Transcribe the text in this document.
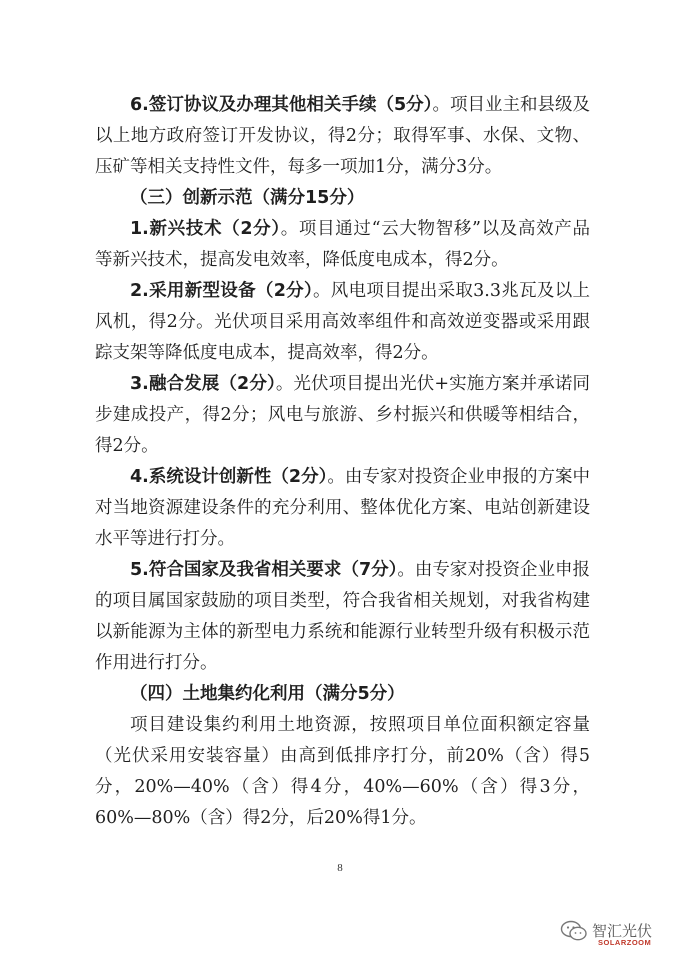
6.签订协议及办理其他相关手续（5分）。项目业主和县级及以上地方政府签订开发协议，得2分；取得军事、水保、文物、压矿等相关支持性文件，每多一项加1分，满分3分。

（三）创新示范（满分15分）

1.新兴技术（2分）。项目通过“云大物智移”以及高效产品等新兴技术，提高发电效率，降低度电成本，得2分。

2.采用新型设备（2分）。风电项目提出采取3.3兆瓦及以上风机，得2分。光伏项目采用高效率组件和高效逆变器或采用跟踪支架等降低度电成本，提高效率，得2分。

3.融合发展（2分）。光伏项目提出光伏+实施方案并承诺同步建成投产，得2分；风电与旅游、乡村振兴和供暖等相结合，得2分。

4.系统设计创新性（2分）。由专家对投资企业申报的方案中对当地资源建设条件的充分利用、整体优化方案、电站创新建设水平等进行打分。

5.符合国家及我省相关要求（7分）。由专家对投资企业申报的项目属国家鼓励的项目类型，符合我省相关规划，对我省构建以新能源为主体的新型电力系统和能源行业转型升级有积极示范作用进行打分。

（四）土地集约化利用（满分5分）

项目建设集约利用土地资源，按照项目单位面积额定容量（光伏采用安装容量）由高到低排序打分，前20%（含）得5分，20%—40%（含）得4分，40%—60%（含）得3分，60%—80%（含）得2分，后20%得1分。

8
智汇光伏
SOLARZOOM
